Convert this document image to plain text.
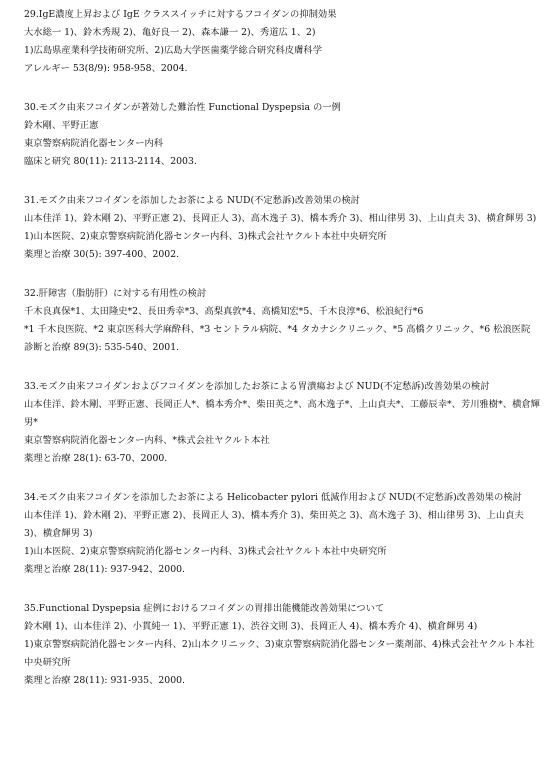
29.IgE濃度上昇および IgE クラススイッチに対するフコイダンの抑制効果
大水総一 1)、鈴木秀規 2)、亀好良一 2)、森本謙一 2)、秀道広 1、2)
1)広島県産業科学技術研究所、2)広島大学医歯薬学総合研究科皮膚科学
アレルギー 53(8/9): 958-958、2004.
30.モズク由来フコイダンが著効した難治性 Functional Dyspepsia の一例
鈴木剛、平野正憲
東京警察病院消化器センター内科
臨床と研究 80(11): 2113-2114、2003.
31.モズク由来フコイダンを添加したお茶による NUD(不定愁訴)改善効果の検討
山本佳洋 1)、鈴木剛 2)、平野正憲 2)、長岡正人 3)、高木逸子 3)、橋本秀介 3)、相山律男 3)、上山貞夫 3)、横倉輝男 3)
1)山本医院、2)東京警察病院消化器センター内科、3)株式会社ヤクルト本社中央研究所
薬理と治療 30(5): 397-400、2002.
32.肝障害（脂肪肝）に対する有用性の検討
千木良真保*1、太田隆史*2、長田秀幸*3、高梨真敦*4、高橋知宏*5、千木良淳*6、松浪紀行*6
*1 千木良医院、*2 東京医科大学麻酔科、*3 セントラル病院、*4 タカナシクリニック、*5 高橋クリニック、*6 松浪医院
診断と治療 89(3): 535-540、2001.
33.モズク由来フコイダンおよびフコイダンを添加したお茶による胃潰瘍および NUD(不定愁訴)改善効果の検討
山本佳洋、鈴木剛、平野正憲、長岡正人*、橋本秀介*、柴田英之*、高木逸子*、上山貞夫*、工藤辰幸*、芳川雅樹*、横倉輝男*
東京警察病院消化器センター内科、*株式会社ヤクルト本社
薬理と治療 28(1): 63-70、2000.
34.モズク由来フコイダンを添加したお茶による Helicobacter pylori 低減作用および NUD(不定愁訴)改善効果の検討
山本佳洋 1)、鈴木剛 2)、平野正憲 2)、長岡正人 3)、橋本秀介 3)、柴田英之 3)、高木逸子 3)、相山律男 3)、上山貞夫 3)、横倉輝男 3)
1)山本医院、2)東京警察病院消化器センター内科、3)株式会社ヤクルト本社中央研究所
薬理と治療 28(11): 937-942、2000.
35.Functional Dyspepsia 症例におけるフコイダンの胃排出能機能改善効果について
鈴木剛 1)、山本佳洋 2)、小貫純一 1)、平野正憲 1)、渋谷文則 3)、長岡正人 4)、橋本秀介 4)、横倉輝男 4)
1)東京警察病院消化器センター内科、2)山本クリニック、3)東京警察病院消化器センター薬剤部、4)株式会社ヤクルト本社中央研究所
薬理と治療 28(11): 931-935、2000.
